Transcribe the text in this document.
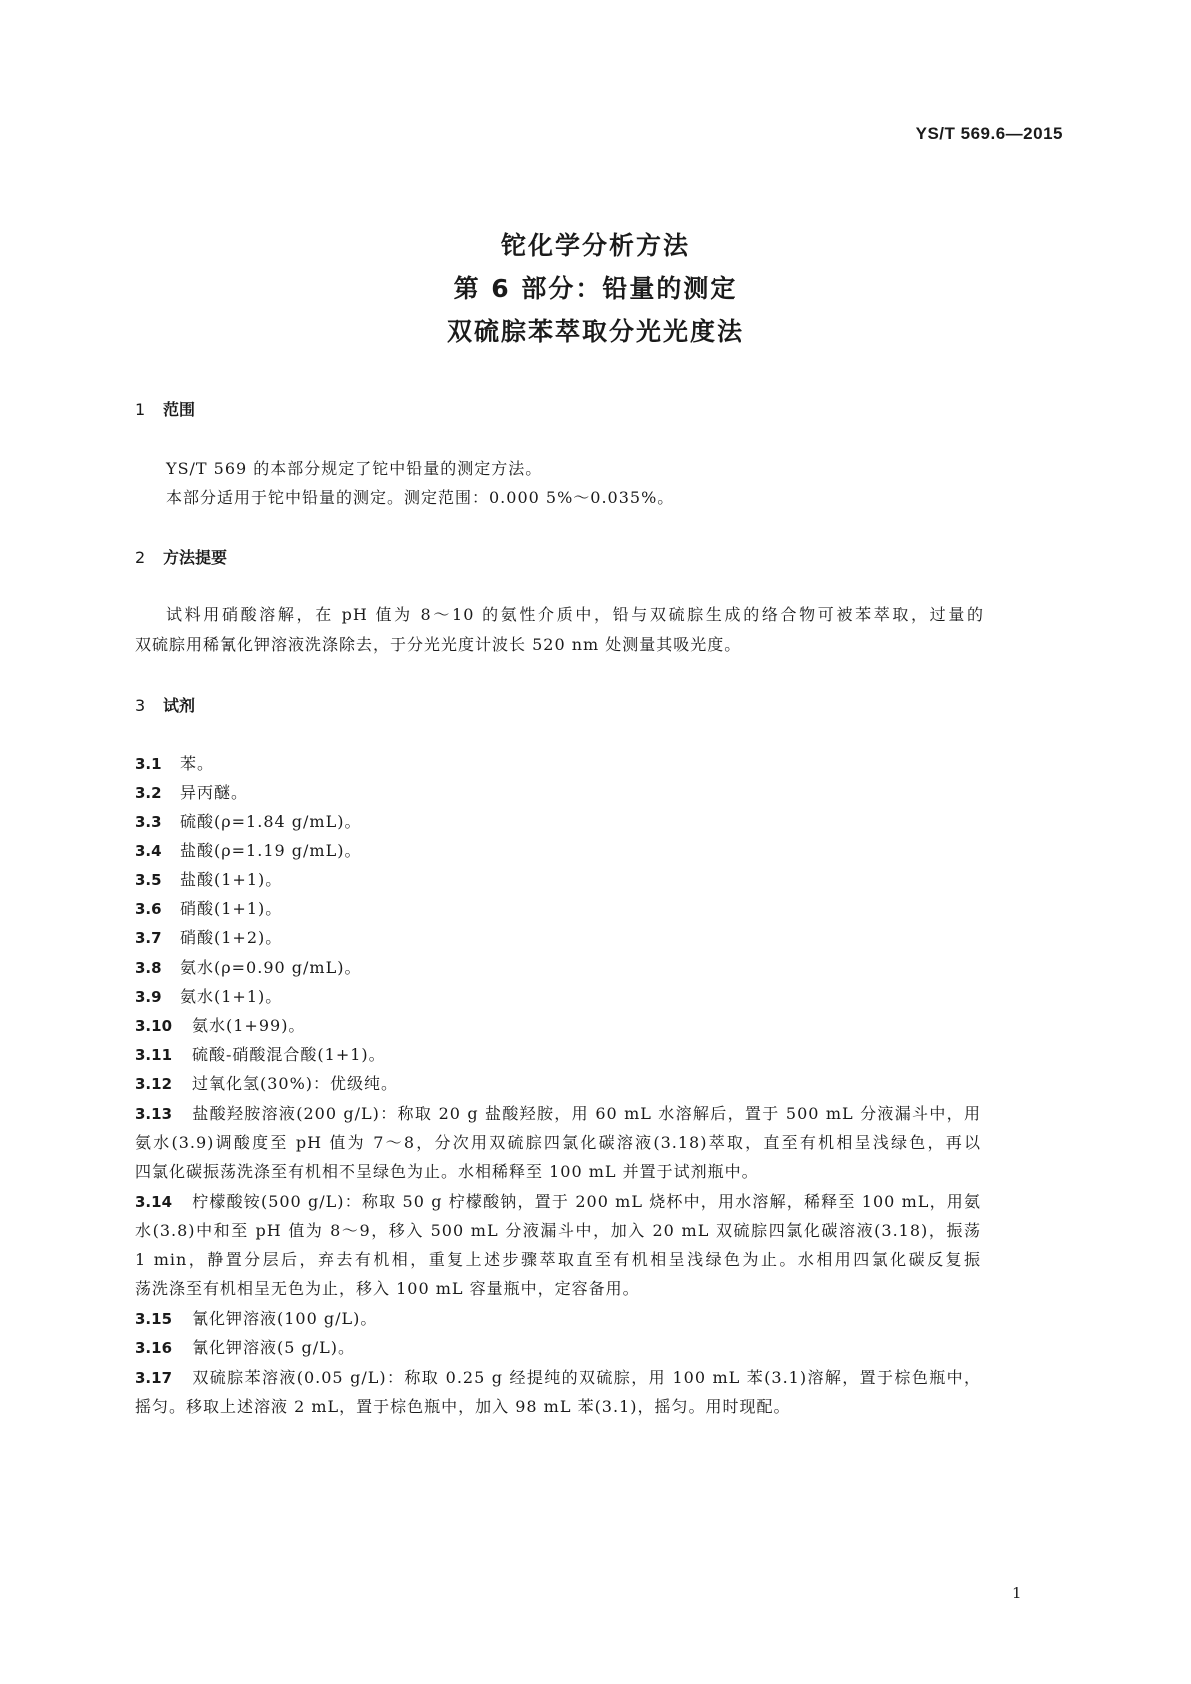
YS/T 569.6—2015
铊化学分析方法
第 6 部分：铅量的测定
双硫腙苯萃取分光光度法
1 范围
YS/T 569 的本部分规定了铊中铅量的测定方法。
本部分适用于铊中铅量的测定。测定范围：0.000 5%～0.035%。
2 方法提要
试料用硝酸溶解，在 pH 值为 8～10 的氨性介质中，铅与双硫腙生成的络合物可被苯萃取，过量的
双硫腙用稀氰化钾溶液洗涤除去，于分光光度计波长 520 nm 处测量其吸光度。
3 试剂
3.1 苯。
3.2 异丙醚。
3.3 硫酸(ρ=1.84 g/mL)。
3.4 盐酸(ρ=1.19 g/mL)。
3.5 盐酸(1+1)。
3.6 硝酸(1+1)。
3.7 硝酸(1+2)。
3.8 氨水(ρ=0.90 g/mL)。
3.9 氨水(1+1)。
3.10 氨水(1+99)。
3.11 硫酸-硝酸混合酸(1+1)。
3.12 过氧化氢(30%)：优级纯。
3.13 盐酸羟胺溶液(200 g/L)：称取 20 g 盐酸羟胺，用 60 mL 水溶解后，置于 500 mL 分液漏斗中，用
氨水(3.9)调酸度至 pH 值为 7～8，分次用双硫腙四氯化碳溶液(3.18)萃取，直至有机相呈浅绿色，再以
四氯化碳振荡洗涤至有机相不呈绿色为止。水相稀释至 100 mL 并置于试剂瓶中。
3.14 柠檬酸铵(500 g/L)：称取 50 g 柠檬酸钠，置于 200 mL 烧杯中，用水溶解，稀释至 100 mL，用氨
水(3.8)中和至 pH 值为 8～9，移入 500 mL 分液漏斗中，加入 20 mL 双硫腙四氯化碳溶液(3.18)，振荡
1 min，静置分层后，弃去有机相，重复上述步骤萃取直至有机相呈浅绿色为止。水相用四氯化碳反复振
荡洗涤至有机相呈无色为止，移入 100 mL 容量瓶中，定容备用。
3.15 氰化钾溶液(100 g/L)。
3.16 氰化钾溶液(5 g/L)。
3.17 双硫腙苯溶液(0.05 g/L)：称取 0.25 g 经提纯的双硫腙，用 100 mL 苯(3.1)溶解，置于棕色瓶中，
摇匀。移取上述溶液 2 mL，置于棕色瓶中，加入 98 mL 苯(3.1)，摇匀。用时现配。
1
